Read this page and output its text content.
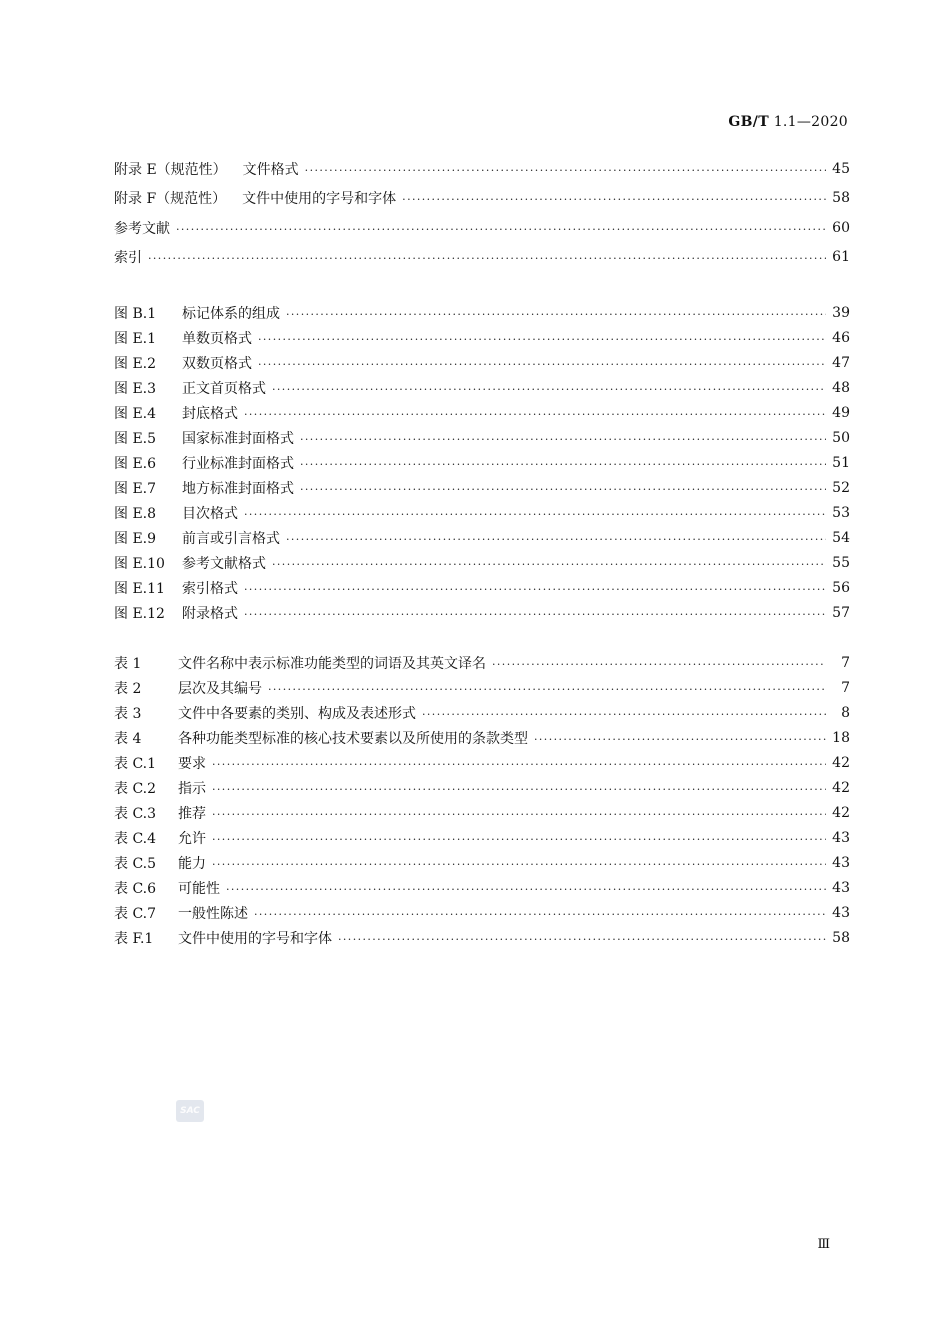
GB/T 1.1—2020
附录 E（规范性） 文件格式 ·····	45
附录 F（规范性） 文件中使用的字号和字体 ·····	58
参考文献 ·····	60
索引 ·····	61
图 B.1 标记体系的组成 ·····	39
图 E.1 单数页格式 ·····	46
图 E.2 双数页格式 ·····	47
图 E.3 正文首页格式 ·····	48
图 E.4 封底格式 ·····	49
图 E.5 国家标准封面格式 ·····	50
图 E.6 行业标准封面格式 ·····	51
图 E.7 地方标准封面格式 ·····	52
图 E.8 目次格式 ·····	53
图 E.9 前言或引言格式 ·····	54
图 E.10 参考文献格式 ·····	55
图 E.11 索引格式 ·····	56
图 E.12 附录格式 ·····	57
表 1	文件名称中表示标准功能类型的词语及其英文译名 ·····	7
表 2	层次及其编号 ·····	7
表 3	文件中各要素的类别、构成及表述形式 ·····	8
表 4	各种功能类型标准的核心技术要素以及所使用的条款类型 ·····	18
表 C.1 要求 ·····	42
表 C.2 指示 ·····	42
表 C.3 推荐 ·····	42
表 C.4 允许 ·····	43
表 C.5 能力 ·····	43
表 C.6 可能性 ·····	43
表 C.7 一般性陈述 ·····	43
表 F.1 文件中使用的字号和字体 ·····	58
SAC
Ⅲ
